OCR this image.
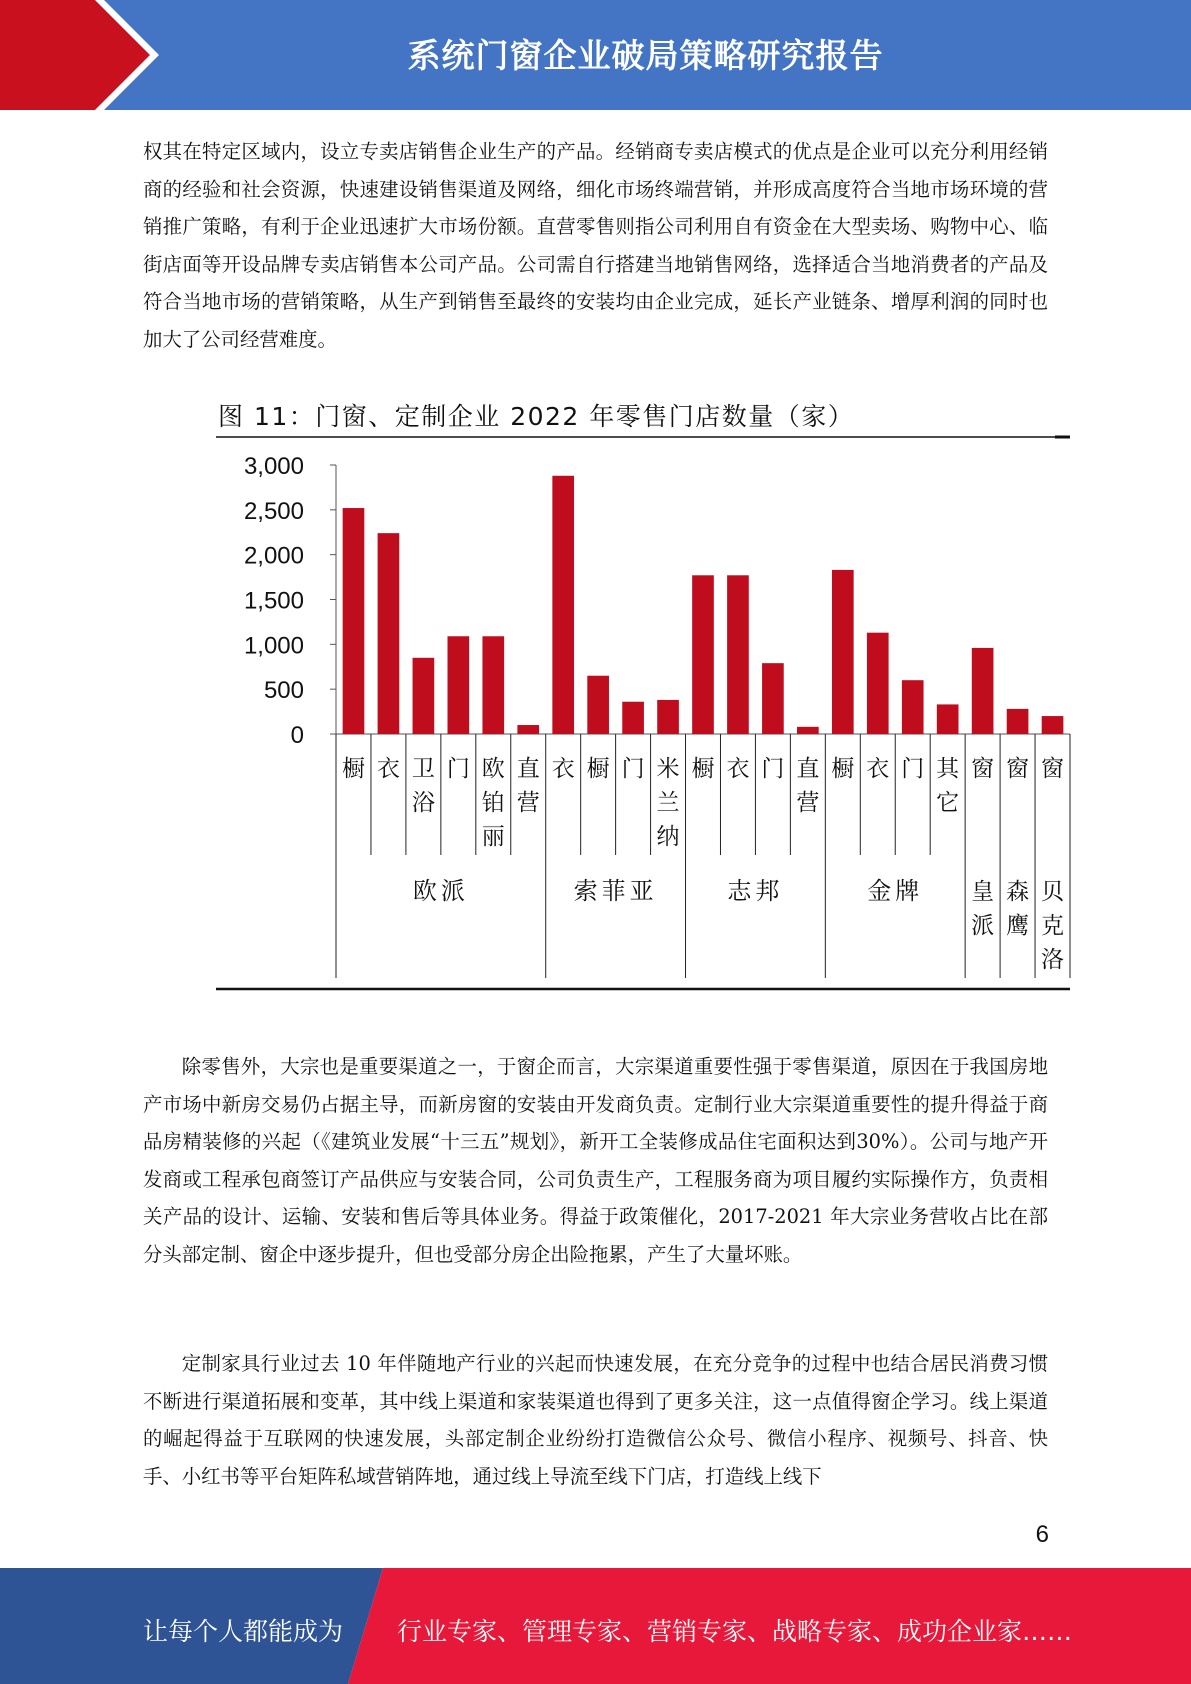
系统门窗企业破局策略研究报告

权其在特定区域内，设立专卖店销售企业生产的产品。经销商专卖店模式的优点是企业可以充分利用经销商的经验和社会资源，快速建设销售渠道及网络，细化市场终端营销，并形成高度符合当地市场环境的营销推广策略，有利于企业迅速扩大市场份额。直营零售则指公司利用自有资金在大型卖场、购物中心、临街店面等开设品牌专卖店销售本公司产品。公司需自行搭建当地销售网络，选择适合当地消费者的产品及符合当地市场的营销策略，从生产到销售至最终的安装均由企业完成，延长产业链条、增厚利润的同时也加大了公司经营难度。

图 11：门窗、定制企业 2022 年零售门店数量（家）
0
500
1,000
1,500
2,000
2,500
3,000
橱 衣 卫
浴
门 欧
铂
丽
直
营
衣 橱 门 米
兰
纳
橱 衣 门 直
营
橱 衣 门 其
它
窗 窗 窗
欧派	索菲亚	志邦	金牌 皇
派
森
鹰
贝
克
洛

除零售外，大宗也是重要渠道之一，于窗企而言，大宗渠道重要性强于零售渠道，原因在于我国房地产市场中新房交易仍占据主导，而新房窗的安装由开发商负责。定制行业大宗渠道重要性的提升得益于商品房精装修的兴起（《建筑业发展“十三五”规划》，新开工全装修成品住宅面积达到30%）。公司与地产开发商或工程承包商签订产品供应与安装合同，公司负责生产，工程服务商为项目履约实际操作方，负责相关产品的设计、运输、安装和售后等具体业务。得益于政策催化，2017-2021 年大宗业务营收占比在部分头部定制、窗企中逐步提升，但也受部分房企出险拖累，产生了大量坏账。

定制家具行业过去 10 年伴随地产行业的兴起而快速发展，在充分竞争的过程中也结合居民消费习惯不断进行渠道拓展和变革，其中线上渠道和家装渠道也得到了更多关注，这一点值得窗企学习。线上渠道的崛起得益于互联网的快速发展，头部定制企业纷纷打造微信公众号、微信小程序、视频号、抖音、快手、小红书等平台矩阵私域营销阵地，通过线上导流至线下门店，打造线上线下

6
让每个人都能成为 行业专家、管理专家、营销专家、战略专家、成功企业家……
